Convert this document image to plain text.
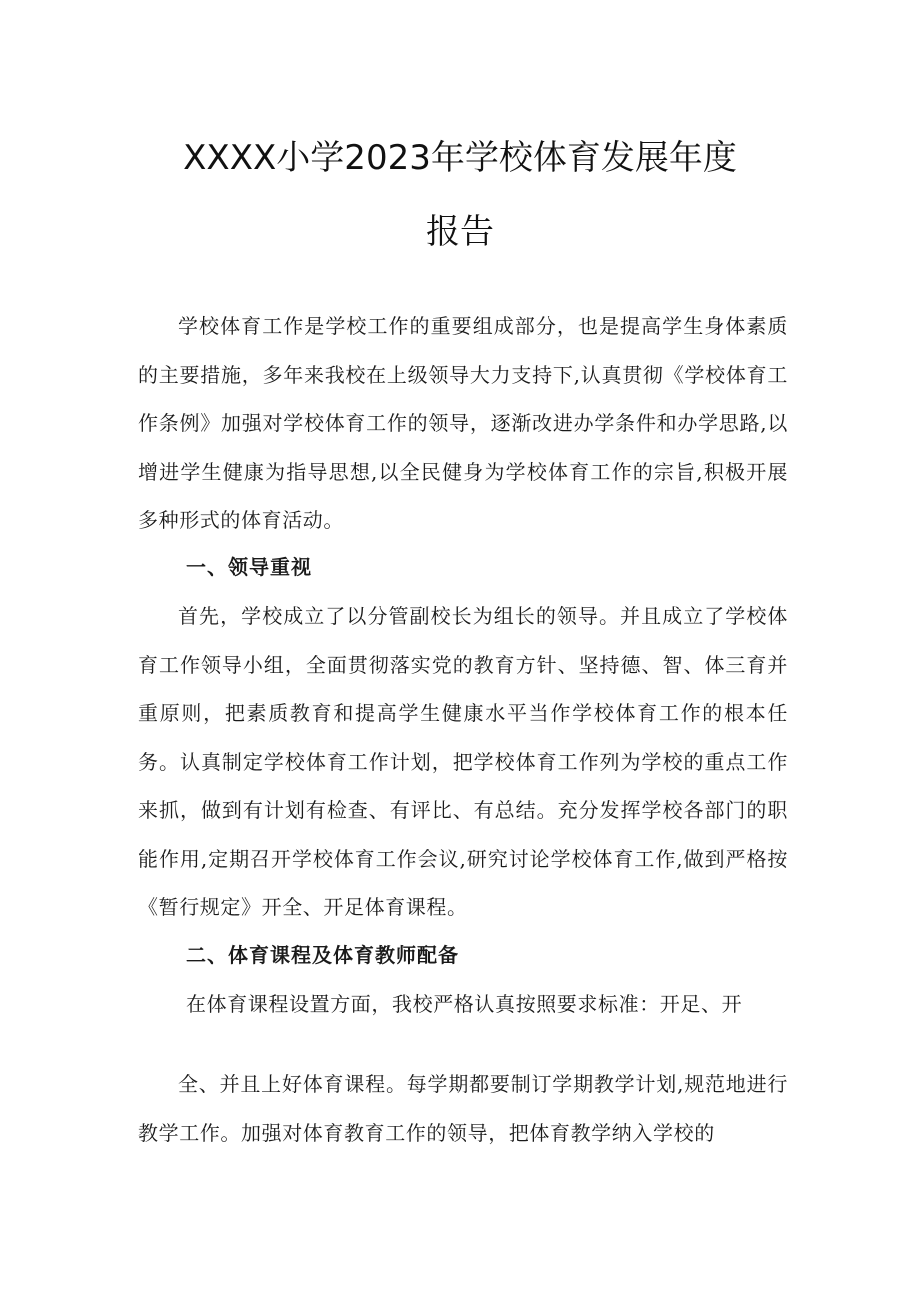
XXXX小学2023年学校体育发展年度
报告

学校体育工作是学校工作的重要组成部分，也是提高学生身体素质的主要措施，多年来我校在上级领导大力支持下,认真贯彻《学校体育工作条例》加强对学校体育工作的领导，逐渐改进办学条件和办学思路,以增进学生健康为指导思想,以全民健身为学校体育工作的宗旨,积极开展多种形式的体育活动。

一、领导重视

首先，学校成立了以分管副校长为组长的领导。并且成立了学校体育工作领导小组，全面贯彻落实党的教育方针、坚持德、智、体三育并重原则，把素质教育和提高学生健康水平当作学校体育工作的根本任务。认真制定学校体育工作计划，把学校体育工作列为学校的重点工作来抓，做到有计划有检查、有评比、有总结。充分发挥学校各部门的职能作用,定期召开学校体育工作会议,研究讨论学校体育工作,做到严格按《暂行规定》开全、开足体育课程。

二、体育课程及体育教师配备
在体育课程设置方面，我校严格认真按照要求标准：开足、开

全、并且上好体育课程。每学期都要制订学期教学计划,规范地进行教学工作。加强对体育教育工作的领导，把体育教学纳入学校的
